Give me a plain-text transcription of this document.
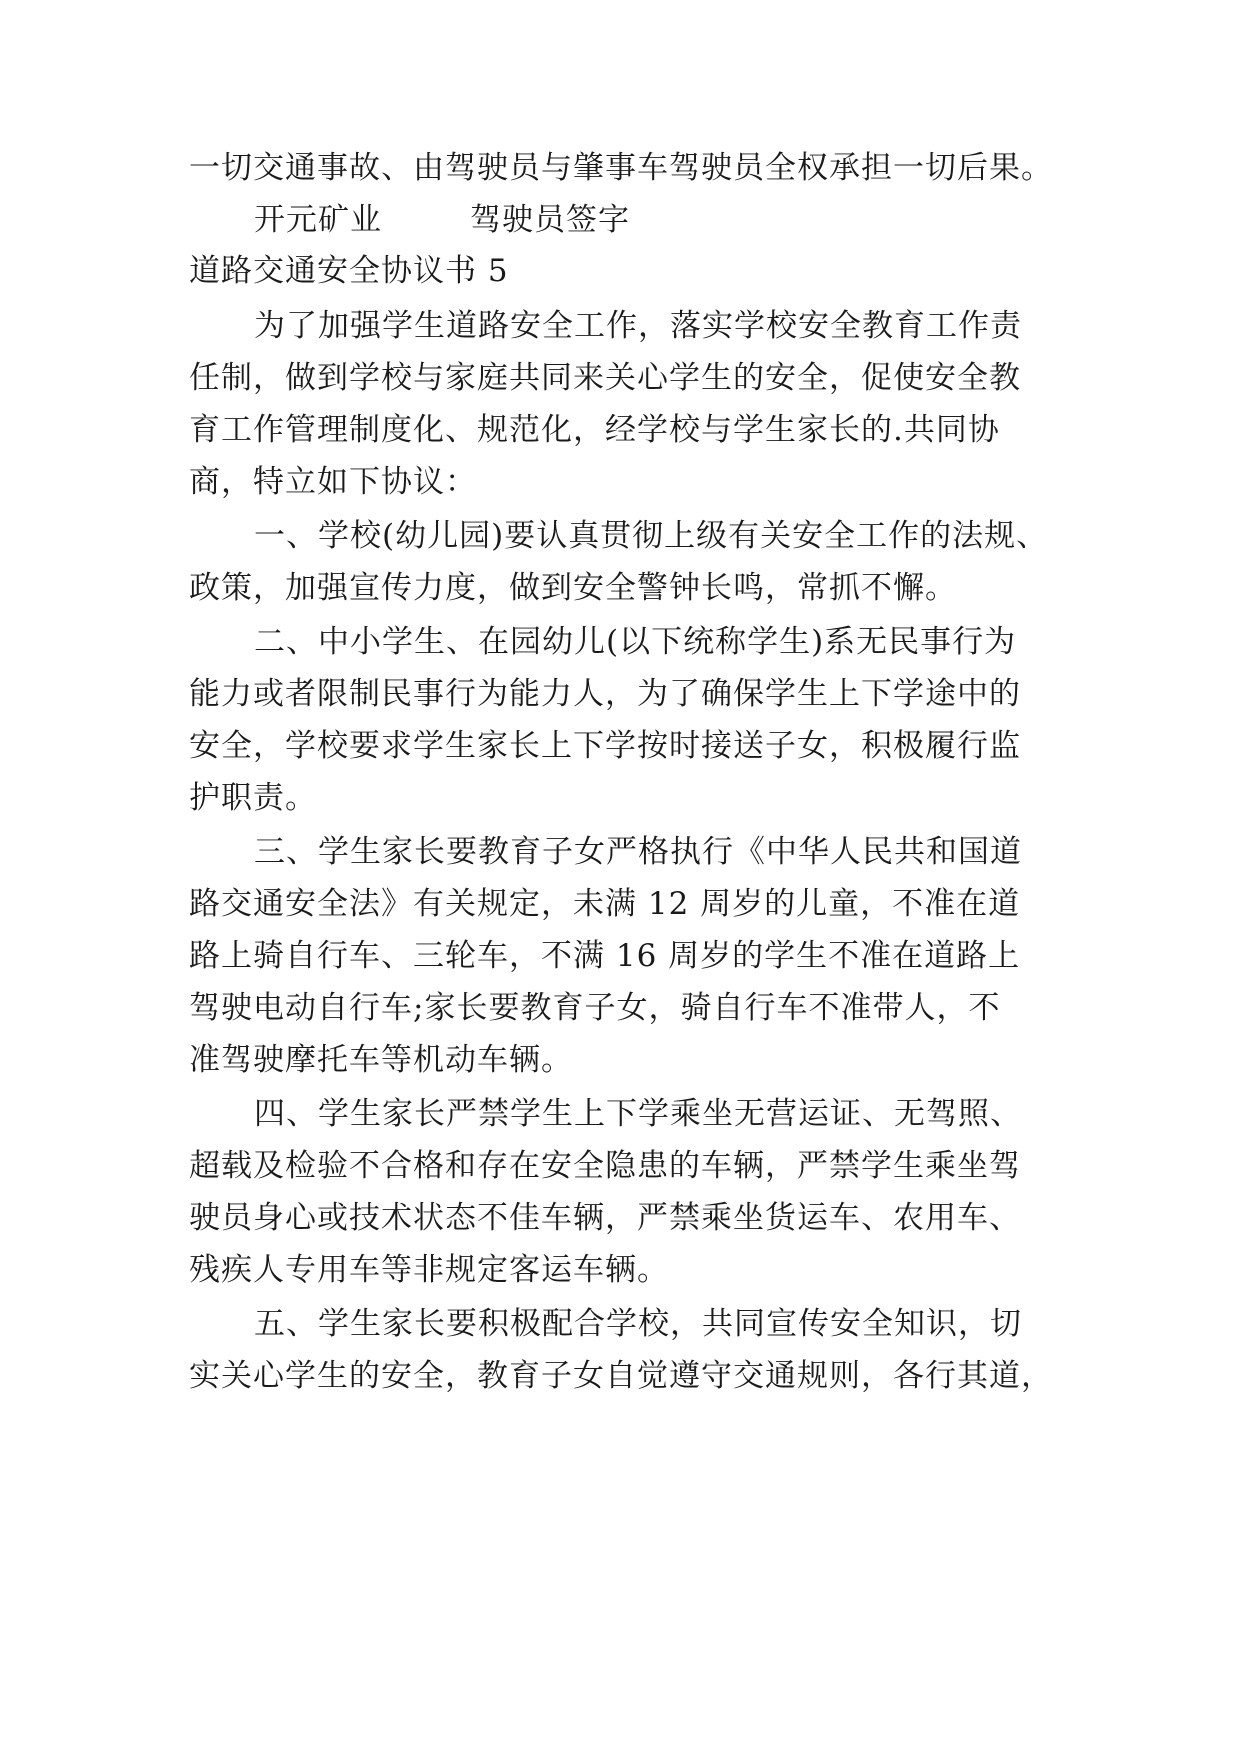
一切交通事故、由驾驶员与肇事车驾驶员全权承担一切后果。
开元矿业	驾驶员签字
道路交通安全协议书 5
为了加强学生道路安全工作，落实学校安全教育工作责
任制，做到学校与家庭共同来关心学生的安全，促使安全教
育工作管理制度化、规范化，经学校与学生家长的.共同协
商，特立如下协议：
一、学校(幼儿园)要认真贯彻上级有关安全工作的法规、
政策，加强宣传力度，做到安全警钟长鸣，常抓不懈。
二、中小学生、在园幼儿(以下统称学生)系无民事行为
能力或者限制民事行为能力人，为了确保学生上下学途中的
安全，学校要求学生家长上下学按时接送子女，积极履行监
护职责。
三、学生家长要教育子女严格执行《中华人民共和国道
路交通安全法》有关规定，未满 12 周岁的儿童，不准在道
路上骑自行车、三轮车，不满 16 周岁的学生不准在道路上
驾驶电动自行车;家长要教育子女，骑自行车不准带人，不
准驾驶摩托车等机动车辆。
四、学生家长严禁学生上下学乘坐无营运证、无驾照、
超载及检验不合格和存在安全隐患的车辆，严禁学生乘坐驾
驶员身心或技术状态不佳车辆，严禁乘坐货运车、农用车、
残疾人专用车等非规定客运车辆。
五、学生家长要积极配合学校，共同宣传安全知识，切
实关心学生的安全，教育子女自觉遵守交通规则，各行其道，
